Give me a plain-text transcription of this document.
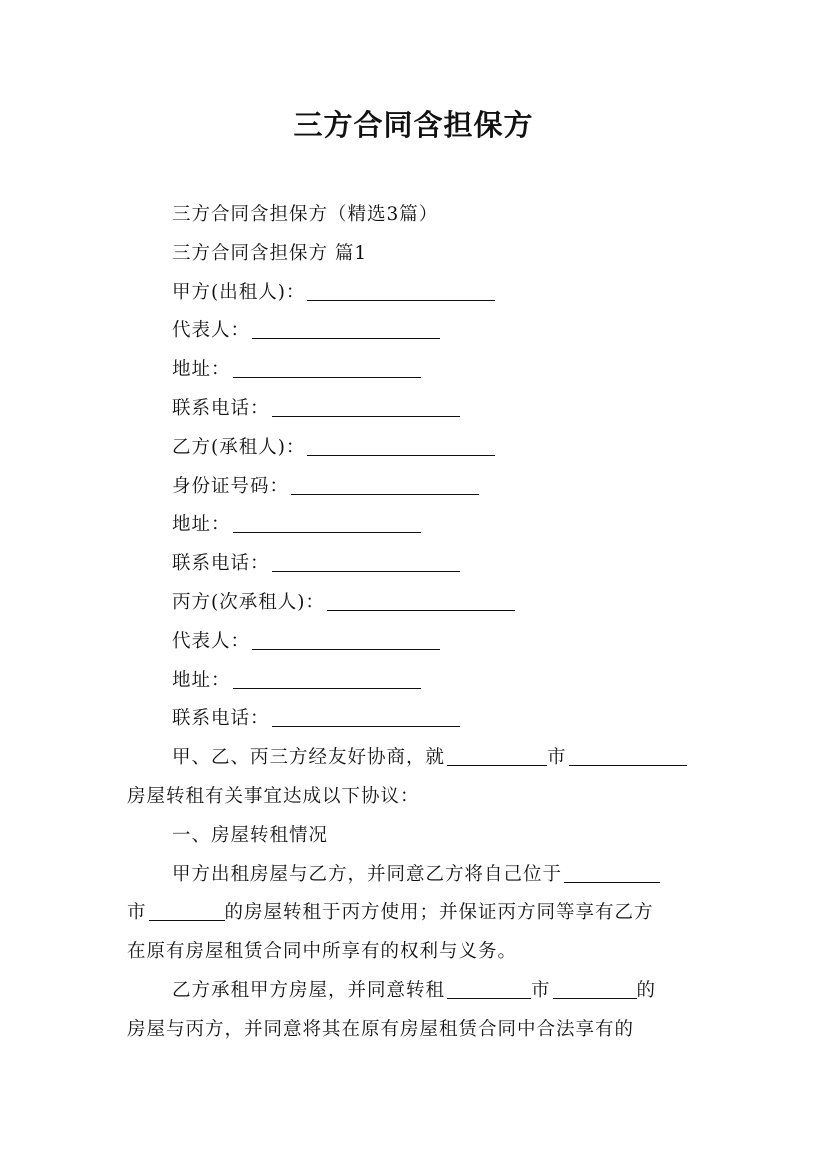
三方合同含担保方
三方合同含担保方（精选3篇）
三方合同含担保方 篇1
甲方(出租人)：
代表人：
地址：
联系电话：
乙方(承租人)：
身份证号码：
地址：
联系电话：
丙方(次承租人)：
代表人：
地址：
联系电话：
甲、乙、丙三方经友好协商，就	市
房屋转租有关事宜达成以下协议：
一、房屋转租情况
甲方出租房屋与乙方，并同意乙方将自己位于
市	的房屋转租于丙方使用；并保证丙方同等享有乙方
在原有房屋租赁合同中所享有的权利与义务。
乙方承租甲方房屋，并同意转租	市	的
房屋与丙方，并同意将其在原有房屋租赁合同中合法享有的
